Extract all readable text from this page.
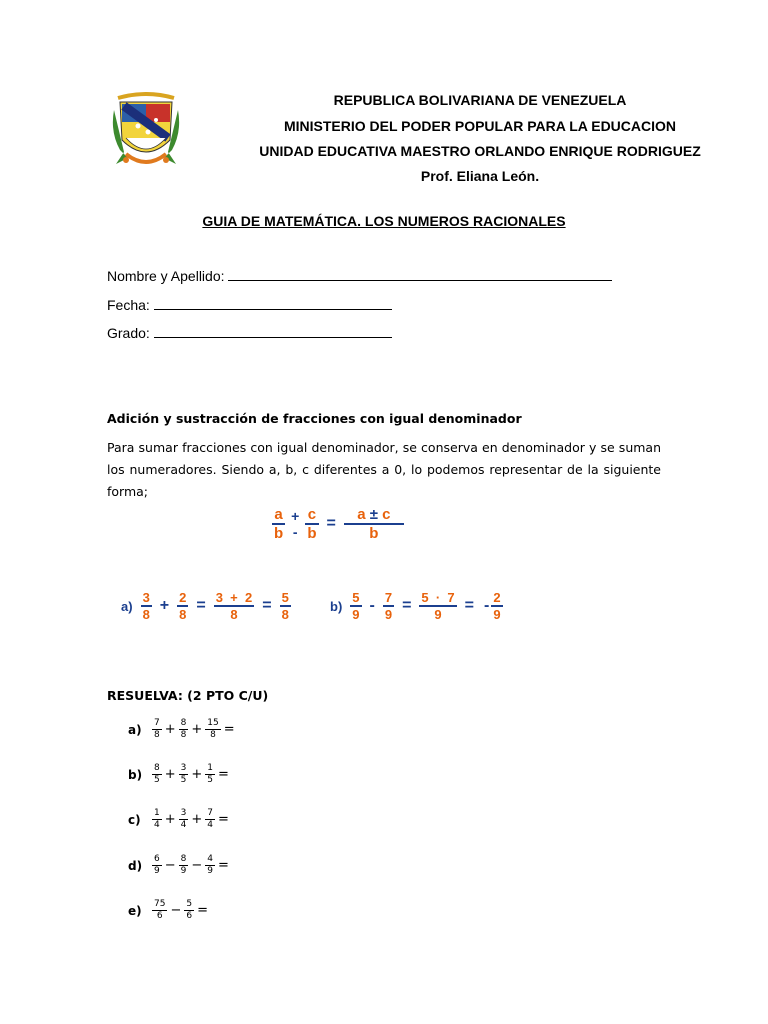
REPUBLICA BOLIVARIANA DE VENEZUELA
MINISTERIO DEL PODER POPULAR PARA LA EDUCACION
UNIDAD EDUCATIVA MAESTRO ORLANDO ENRIQUE RODRIGUEZ
Prof. Eliana León.
GUIA DE MATEMÁTICA. LOS NUMEROS RACIONALES
Nombre y Apellido:
Fecha:
Grado:
Adición y sustracción de fracciones con igual denominador
Para sumar fracciones con igual denominador, se conserva en denominador y se suman los numeradores. Siendo a, b, c diferentes a 0, lo podemos representar de la siguiente forma;
$\frac{a}{b}$ +
- $\frac{c}{b} = \frac{a \pm c}{b}$
$a) \frac{3}{8} + \frac{2}{8} = \frac{3 + 2}{8} = \frac{5}{8}$	$b) \frac{5}{9} - \frac{7}{9} = \frac{5 \cdot 7}{9}$ = - $\frac{2}{9}$
RESUELVA: (2 PTO C/U)
a)	$\frac{7}{8} + \frac{8}{8} + \frac{15}{8}$ =
b)	$\frac{8}{5} + \frac{3}{5} + \frac{1}{5}$ =
c)	$\frac{1}{4} + \frac{3}{4} + \frac{7}{4}$ =
d)	$\frac{6}{9} - \frac{8}{9} - \frac{4}{9}$ =
e)	$\frac{75}{6} - \frac{5}{6}$ =
